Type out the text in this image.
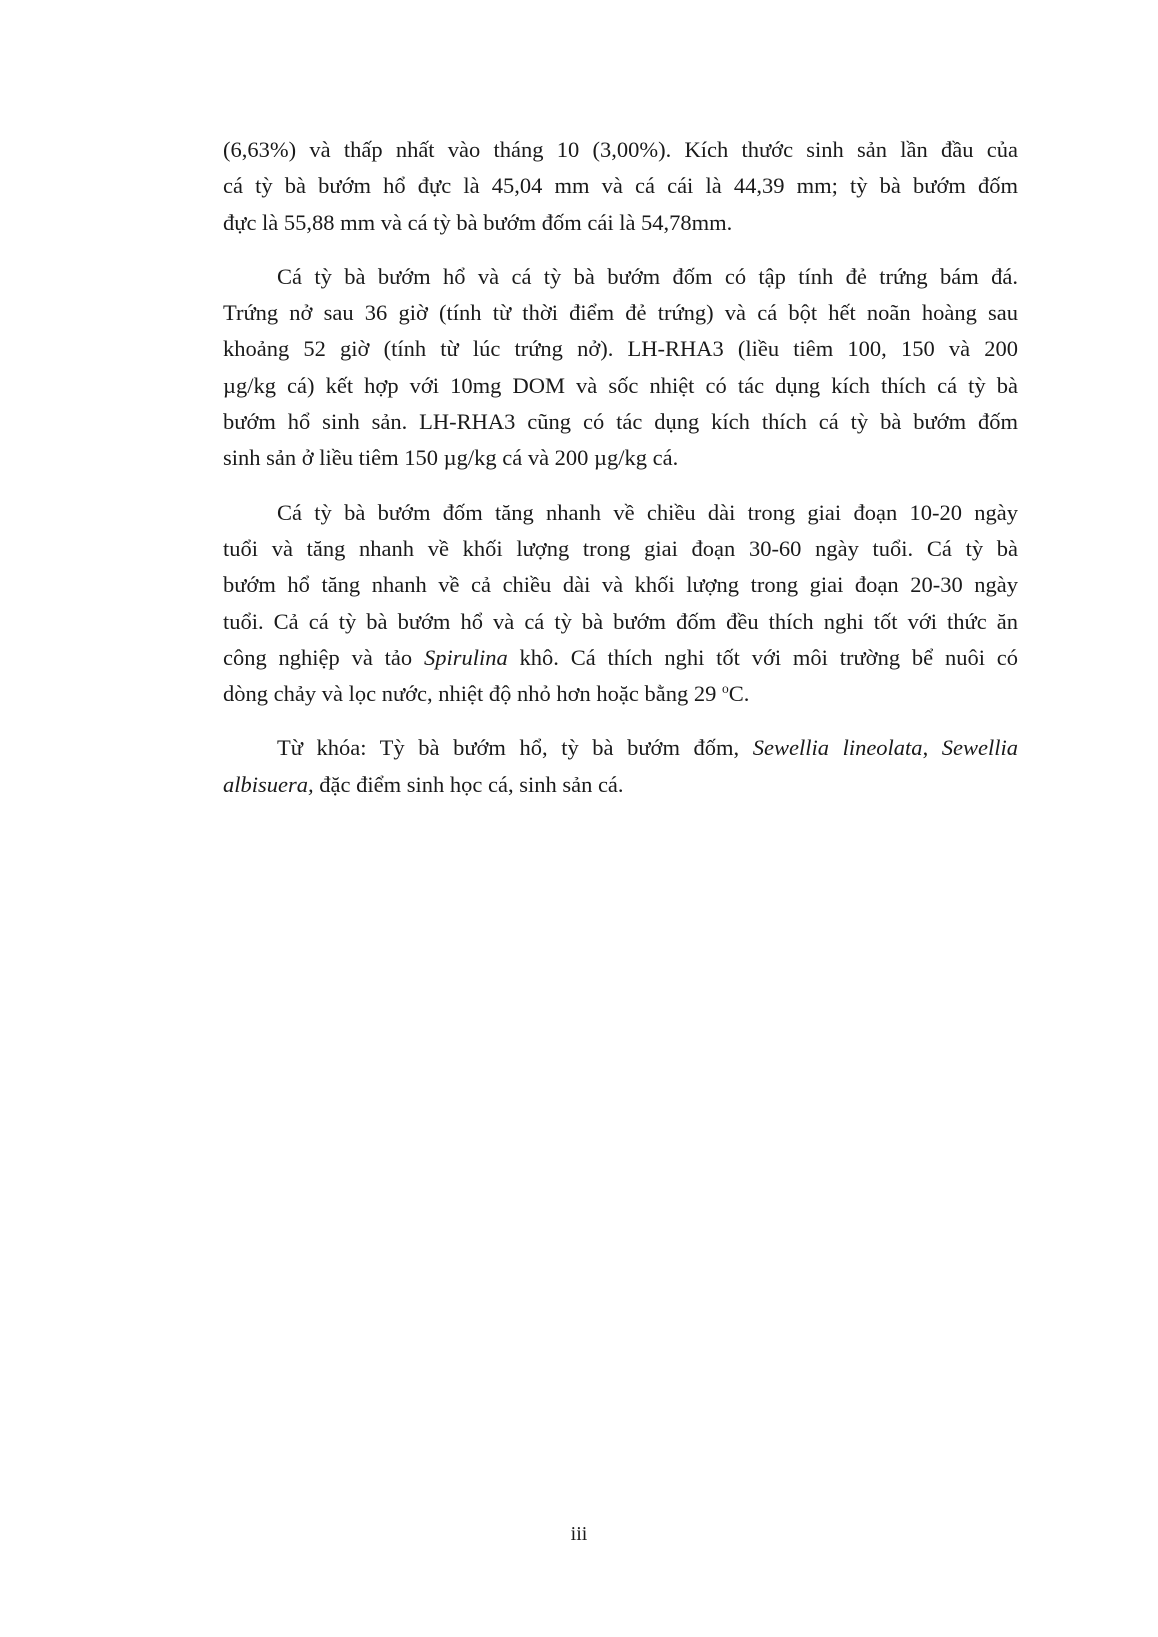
(6,63%) và thấp nhất vào tháng 10 (3,00%). Kích thước sinh sản lần đầu của
cá tỳ bà bướm hổ đực là 45,04 mm và cá cái là 44,39 mm; tỳ bà bướm đốm
đực là 55,88 mm và cá tỳ bà bướm đốm cái là 54,78mm.

Cá tỳ bà bướm hổ và cá tỳ bà bướm đốm có tập tính đẻ trứng bám đá.
Trứng nở sau 36 giờ (tính từ thời điểm đẻ trứng) và cá bột hết noãn hoàng sau
khoảng 52 giờ (tính từ lúc trứng nở). LH-RHA3 (liều tiêm 100, 150 và 200
µg/kg cá) kết hợp với 10mg DOM và sốc nhiệt có tác dụng kích thích cá tỳ bà
bướm hổ sinh sản. LH-RHA3 cũng có tác dụng kích thích cá tỳ bà bướm đốm
sinh sản ở liều tiêm 150 µg/kg cá và 200 µg/kg cá.

Cá tỳ bà bướm đốm tăng nhanh về chiều dài trong giai đoạn 10-20 ngày
tuổi và tăng nhanh về khối lượng trong giai đoạn 30-60 ngày tuổi. Cá tỳ bà
bướm hổ tăng nhanh về cả chiều dài và khối lượng trong giai đoạn 20-30 ngày
tuổi. Cả cá tỳ bà bướm hổ và cá tỳ bà bướm đốm đều thích nghi tốt với thức ăn
công nghiệp và tảo Spirulina khô. Cá thích nghi tốt với môi trường bể nuôi có
dòng chảy và lọc nước, nhiệt độ nhỏ hơn hoặc bằng 29 $^o$C.

Từ khóa: Tỳ bà bướm hổ, tỳ bà bướm đốm, Sewellia lineolata, Sewellia
albisuera, đặc điểm sinh học cá, sinh sản cá.

iii
